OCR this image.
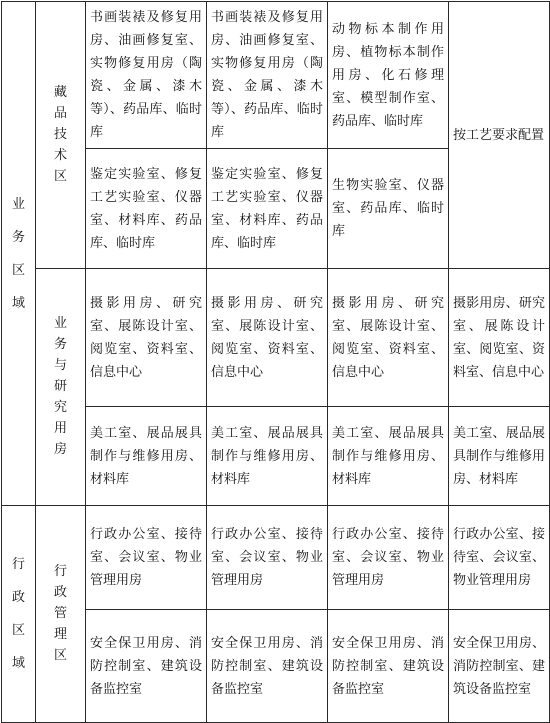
业务区域	藏品技术区	书画装裱及修复用房、油画修复室、实物修复用房（陶瓷、金属、漆木等）、药品库、临时库	书画装裱及修复用房、油画修复室、实物修复用房（陶瓷、金属、漆木等）、药品库、临时库	动物标本制作用房、植物标本制作用房、化石修理室、模型制作室、药品库、临时库	按工艺要求配置

		鉴定实验室、修复工艺实验室、仪器室、材料库、药品库、临时库	鉴定实验室、修复工艺实验室、仪器室、材料库、药品库、临时库	生物实验室、仪器室、药品库、临时库	

	业务与研究用房	摄影用房、研究室、展陈设计室、阅览室、资料室、信息中心	摄影用房、研究室、展陈设计室、阅览室、资料室、信息中心	摄影用房、研究室、展陈设计室、阅览室、资料室、信息中心	摄影用房、研究室、展陈设计室、阅览室、资料室、信息中心

		美工室、展品展具制作与维修用房、材料库	美工室、展品展具制作与维修用房、材料库	美工室、展品展具制作与维修用房、材料库	美工室、展品展具制作与维修用房、材料库

行政区域	行政管理区	行政办公室、接待室、会议室、物业管理用房	行政办公室、接待室、会议室、物业管理用房	行政办公室、接待室、会议室、物业管理用房	行政办公室、接待室、会议室、物业管理用房

		安全保卫用房、消防控制室、建筑设备监控室	安全保卫用房、消防控制室、建筑设备监控室	安全保卫用房、消防控制室、建筑设备监控室	安全保卫用房、消防控制室、建筑设备监控室
